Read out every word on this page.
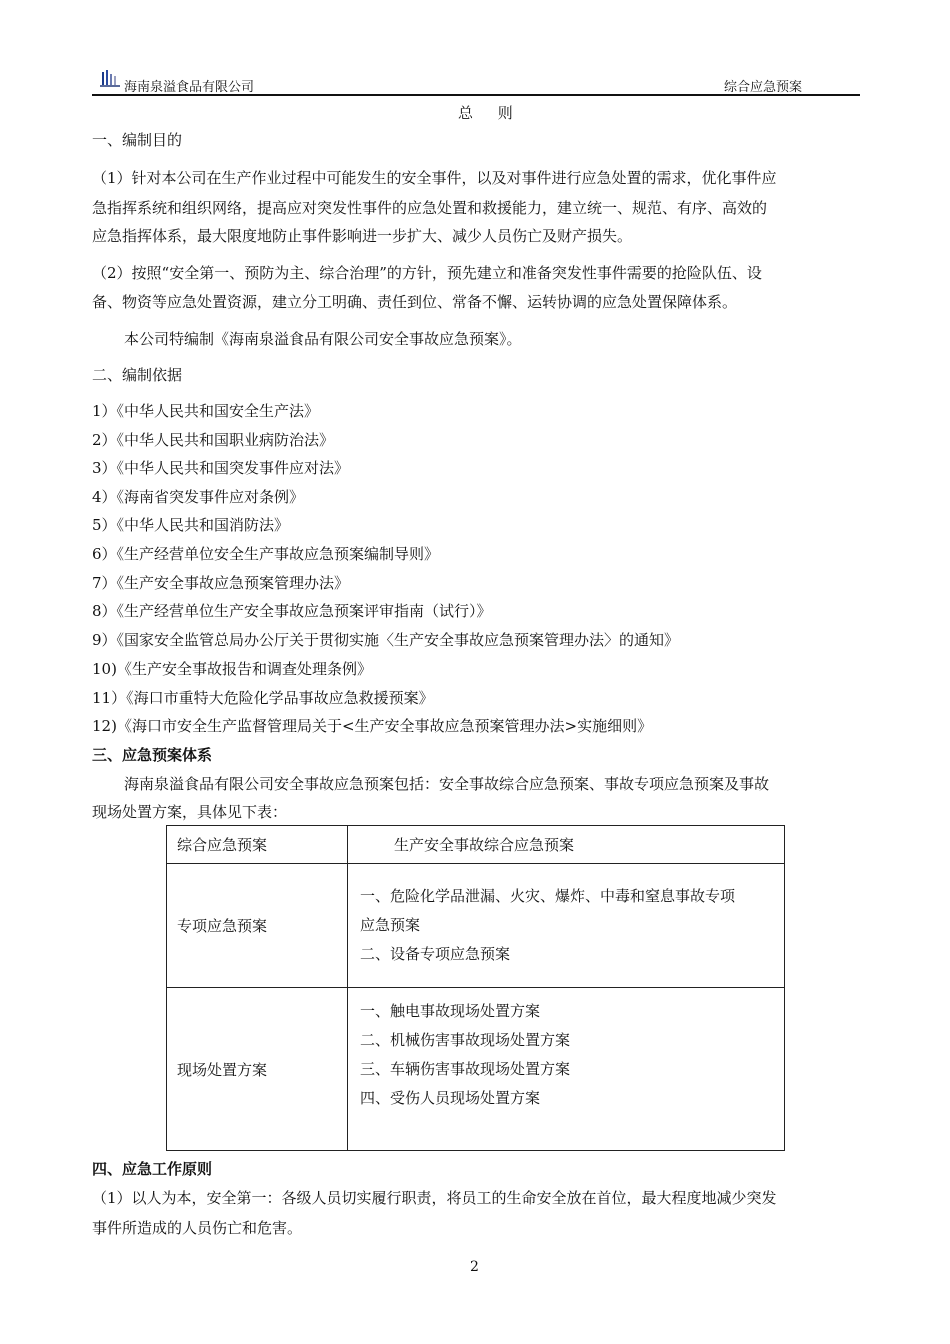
海南泉溢食品有限公司	综合应急预案
总 则
一、编制目的
（1）针对本公司在生产作业过程中可能发生的安全事件，以及对事件进行应急处置的需求，优化事件应
急指挥系统和组织网络，提高应对突发性事件的应急处置和救援能力，建立统一、规范、有序、高效的
应急指挥体系，最大限度地防止事件影响进一步扩大、减少人员伤亡及财产损失。
（2）按照“安全第一、预防为主、综合治理”的方针，预先建立和准备突发性事件需要的抢险队伍、设
备、物资等应急处置资源，建立分工明确、责任到位、常备不懈、运转协调的应急处置保障体系。
本公司特编制《海南泉溢食品有限公司安全事故应急预案》。
二、编制依据
1）《中华人民共和国安全生产法》
2）《中华人民共和国职业病防治法》
3）《中华人民共和国突发事件应对法》
4）《海南省突发事件应对条例》
5）《中华人民共和国消防法》
6）《生产经营单位安全生产事故应急预案编制导则》
7）《生产安全事故应急预案管理办法》
8）《生产经营单位生产安全事故应急预案评审指南（试行）》
9）《国家安全监管总局办公厅关于贯彻实施〈生产安全事故应急预案管理办法〉的通知》
10)《生产安全事故报告和调查处理条例》
11）《海口市重特大危险化学品事故应急救援预案》
12)《海口市安全生产监督管理局关于<生产安全事故应急预案管理办法>实施细则》
三、应急预案体系
海南泉溢食品有限公司安全事故应急预案包括：安全事故综合应急预案、事故专项应急预案及事故
现场处置方案，具体见下表：
综合应急预案	生产安全事故综合应急预案
专项应急预案	一、危险化学品泄漏、火灾、爆炸、中毒和窒息事故专项
应急预案
二、设备专项应急预案

现场处置方案	一、触电事故现场处置方案
二、机械伤害事故现场处置方案
三、车辆伤害事故现场处置方案
四、受伤人员现场处置方案
四、应急工作原则
（1）以人为本，安全第一：各级人员切实履行职责，将员工的生命安全放在首位，最大程度地减少突发
事件所造成的人员伤亡和危害。
2
